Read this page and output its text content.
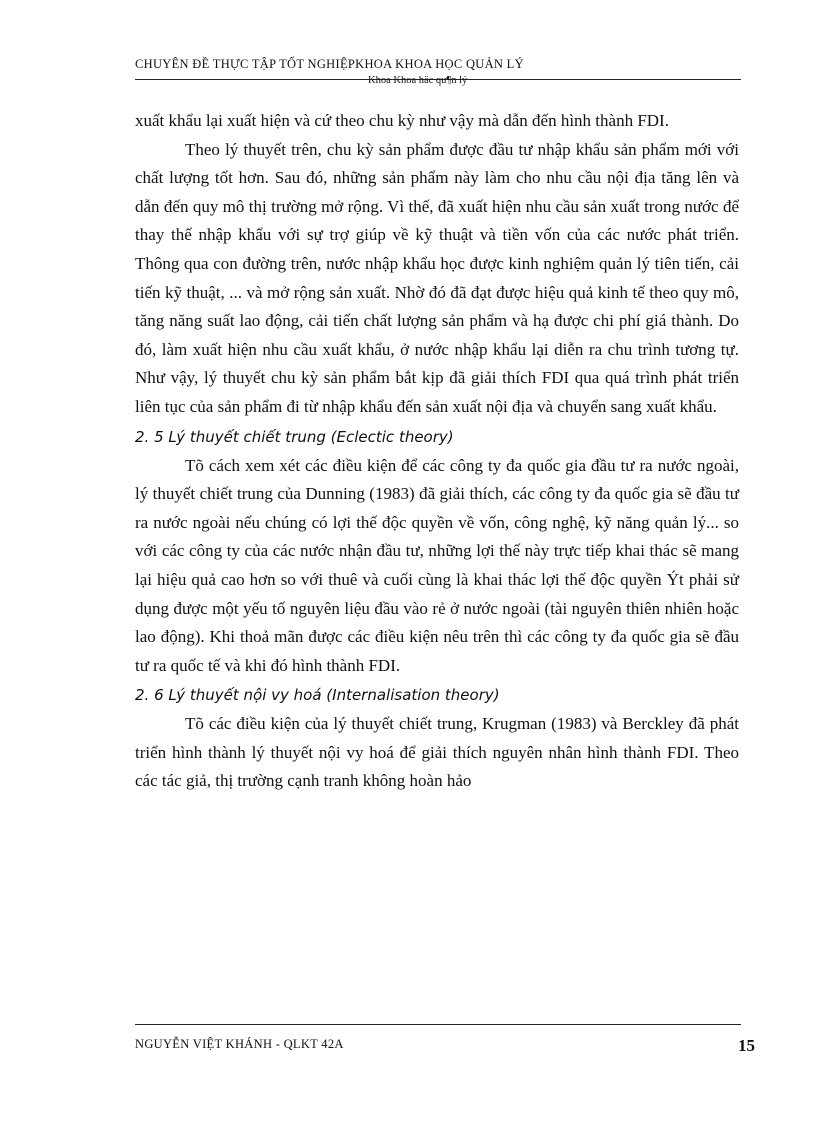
CHUYÊN ĐỀ THỰC TẬP TỐT NGHIỆPKHOA KHOA HỌC QUẢN LÝ
Khoa Khoa häc qu¶n lý

xuất khẩu lại xuất hiện và cứ theo chu kỳ như vậy mà dẫn đến hình thành FDI.

Theo lý thuyết trên, chu kỳ sản phẩm được đầu tư nhập khẩu sản phẩm mới với chất lượng tốt hơn. Sau đó, những sản phẩm này làm cho nhu cầu nội địa tăng lên và dẫn đến quy mô thị trường mở rộng. Vì thế, đã xuất hiện nhu cầu sản xuất trong nước để thay thế nhập khẩu với sự trợ giúp về kỹ thuật và tiền vốn của các nước phát triển. Thông qua con đường trên, nước nhập khẩu học được kinh nghiệm quản lý tiên tiến, cải tiến kỹ thuật, ... và mở rộng sản xuất. Nhờ đó đã đạt được hiệu quả kinh tế theo quy mô, tăng năng suất lao động, cải tiến chất lượng sản phẩm và hạ được chi phí giá thành. Do đó, làm xuất hiện nhu cầu xuất khẩu, ở nước nhập khẩu lại diễn ra chu trình tương tự. Như vậy, lý thuyết chu kỳ sản phẩm bắt kịp đã giải thích FDI qua quá trình phát triển liên tục của sản phẩm đi từ nhập khẩu đến sản xuất nội địa và chuyển sang xuất khẩu.

2. 5 Lý thuyết chiết trung (Eclectic theory)

Tõ cách xem xét các điều kiện để các công ty đa quốc gia đầu tư ra nước ngoài, lý thuyết chiết trung của Dunning (1983) đã giải thích, các công ty đa quốc gia sẽ đầu tư ra nước ngoài nếu chúng có lợi thế độc quyền về vốn, công nghệ, kỹ năng quản lý... so với các công ty của các nước nhận đầu tư, những lợi thế này trực tiếp khai thác sẽ mang lại hiệu quả cao hơn so với thuê và cuối cùng là khai thác lợi thế độc quyền Ýt phải sử dụng được một yếu tố nguyên liệu đầu vào rẻ ở nước ngoài (tài nguyên thiên nhiên hoặc lao động). Khi thoả mãn được các điều kiện nêu trên thì các công ty đa quốc gia sẽ đầu tư ra quốc tế và khi đó hình thành FDI.

2. 6 Lý thuyết nội vy hoá (Internalisation theory)

Tõ các điều kiện của lý thuyết chiết trung, Krugman (1983) và Berckley đã phát triển hình thành lý thuyết nội vy hoá để giải thích nguyên nhân hình thành FDI. Theo các tác giả, thị trường cạnh tranh không hoàn hảo

NGUYỄN VIỆT KHÁNH - QLKT 42A	15
